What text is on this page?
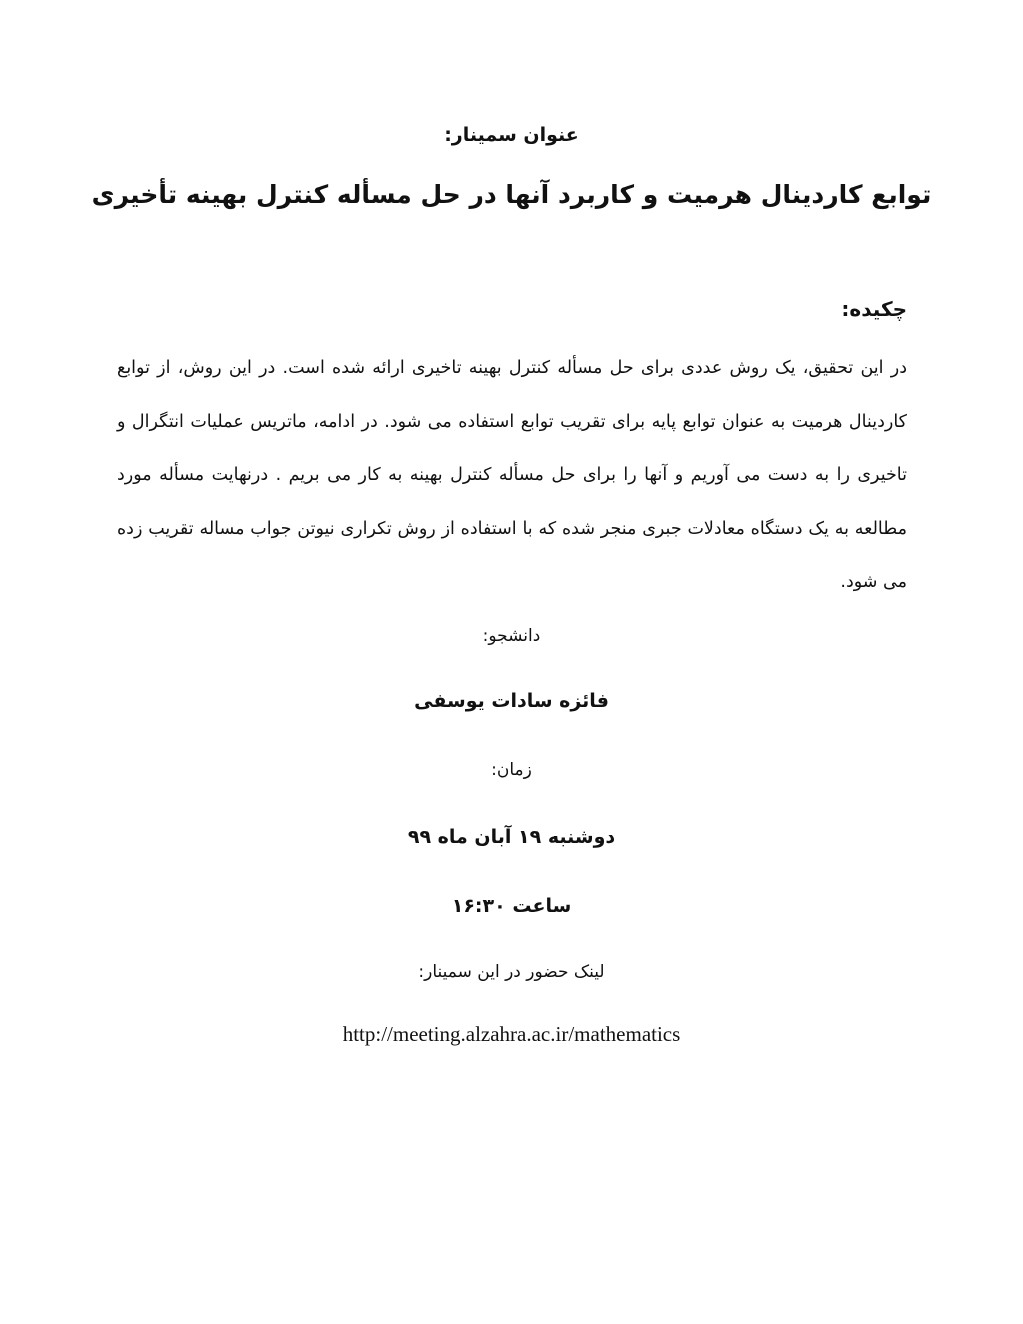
عنوان سمینار:
توابع کاردینال هرمیت و کاربرد آنها در حل مسأله کنترل بهینه تأخیری
چکیده:
در این تحقیق، یک روش عددی برای حل مسأله کنترل بهینه تاخیری ارائه شده است. در این روش، از توابع کاردینال هرمیت به عنوان توابع پایه برای تقریب توابع استفاده می شود. در ادامه، ماتریس عملیات انتگرال و تاخیری را به دست می آوریم و آنها را برای حل مسأله کنترل بهینه به کار می بریم . درنهایت مسأله مورد مطالعه به یک دستگاه معادلات جبری منجر شده که با استفاده از روش تکراری نیوتن جواب مساله تقریب زده می شود.
دانشجو:
فائزه سادات یوسفی
زمان:
دوشنبه ۱۹ آبان ماه ۹۹
ساعت ۱۶:۳۰
لینک حضور در این سمینار:
http://meeting.alzahra.ac.ir/mathematics
